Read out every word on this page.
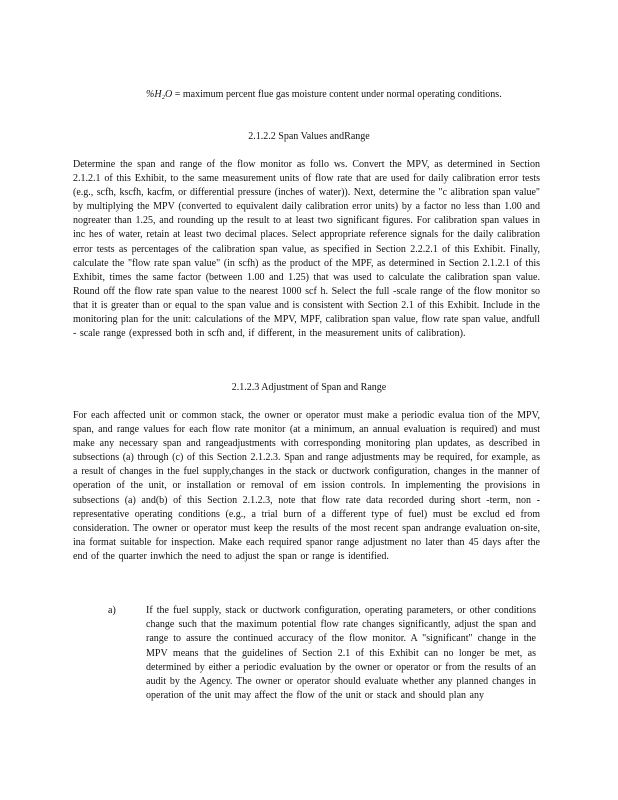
%H₂O = maximum percent flue gas moisture content under normal operating conditions.
2.1.2.2 Span Values andRange

Determine the span and range of the flow monitor as follo ws. Convert the MPV, as determined in Section 2.1.2.1 of this Exhibit, to the same measurement units of flow rate that are used for daily calibration error tests (e.g., scfh, kscfh, kacfm, or differential pressure (inches of water)). Next, determine the "c alibration span value" by multiplying the MPV (converted to equivalent daily calibration error units) by a factor no less than 1.00 and nogreater than 1.25, and rounding up the result to at least two significant figures. For calibration span values in inc hes of water, retain at least two decimal places. Select appropriate reference signals for the daily calibration error tests as percentages of the calibration span value, as specified in Section 2.2.2.1 of this Exhibit. Finally, calculate the "flow rate span value" (in scfh) as the product of the MPF, as determined in Section 2.1.2.1 of this Exhibit, times the same factor (between 1.00 and 1.25) that was used to calculate the calibration span value. Round off the flow rate span value to the nearest 1000 scf h. Select the full -scale range of the flow monitor so that it is greater than or equal to the span value and is consistent with Section 2.1 of this Exhibit. Include in the monitoring plan for the unit: calculations of the MPV, MPF, calibration span value, flow rate span value, andfull - scale range (expressed both in scfh and, if different, in the measurement units of calibration).

2.1.2.3 Adjustment of Span and Range

For each affected unit or common stack, the owner or operator must make a periodic evalua tion of the MPV, span, and range values for each flow rate monitor (at a minimum, an annual evaluation is required) and must make any necessary span and rangeadjustments with corresponding monitoring plan updates, as described in subsections (a) through (c) of this Section 2.1.2.3. Span and range adjustments may be required, for example, as a result of changes in the fuel supply,changes in the stack or ductwork configuration, changes in the manner of operation of the unit, or installation or removal of em ission controls. In implementing the provisions in subsections (a) and(b) of this Section 2.1.2.3, note that flow rate data recorded during short -term, non -representative operating conditions (e.g., a trial burn of a different type of fuel) must be exclud ed from consideration. The owner or operator must keep the results of the most recent span andrange evaluation on-site, ina format suitable for inspection. Make each required spanor range adjustment no later than 45 days after the end of the quarter inwhich the need to adjust the span or range is identified.

a)	If the fuel supply, stack or ductwork configuration, operating parameters, or other conditions change such that the maximum potential flow rate changes significantly, adjust the span and range to assure the continued accuracy of the flow monitor. A "significant" change in the MPV means that the guidelines of Section 2.1 of this Exhibit can no longer be met, as determined by either a periodic evaluation by the owner or operator or from the results of an audit by the Agency. The owner or operator should evaluate whether any planned changes in operation of the unit may affect the flow of the unit or stack and should plan any
